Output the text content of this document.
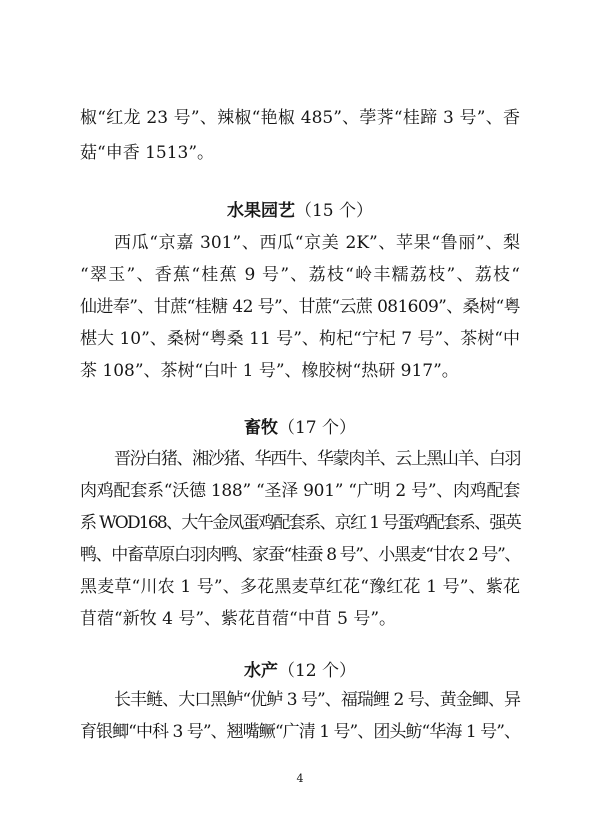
椒“红龙 23 号”、辣椒“艳椒 485”、荸荠“桂蹄 3 号”、香
菇“申香 1513”。
水果园艺（15 个）
西瓜“京嘉 301”、西瓜“京美 2K”、苹果“鲁丽”、梨
“翠玉”、香蕉“桂蕉 9 号”、荔枝“岭丰糯荔枝”、荔枝“
仙进奉”、甘蔗“桂糖 42 号”、甘蔗“云蔗 081609”、桑树“粤
椹大 10”、桑树“粤桑 11 号”、枸杞“宁杞 7 号”、茶树“中
茶 108”、茶树“白叶 1 号”、橡胶树“热研 917”。
畜牧（17 个）
晋汾白猪、湘沙猪、华西牛、华蒙肉羊、云上黑山羊、白羽
肉鸡配套系“沃德 188” “圣泽 901” “广明 2 号”、肉鸡配套
系 WOD168、大午金凤蛋鸡配套系、京红 1 号蛋鸡配套系、强英
鸭、中畜草原白羽肉鸭、家蚕“桂蚕 8 号”、小黑麦“甘农 2 号”、
黑麦草“川农 1 号”、多花黑麦草红花“豫红花 1 号”、紫花
苜蓿“新牧 4 号”、紫花苜蓿“中苜 5 号”。
水产（12 个）
长丰鲢、大口黑鲈“优鲈 3 号”、福瑞鲤 2 号、黄金鲫、异
育银鲫“中科 3 号”、翘嘴鳜“广清 1 号”、团头鲂“华海 1 号”、
4
